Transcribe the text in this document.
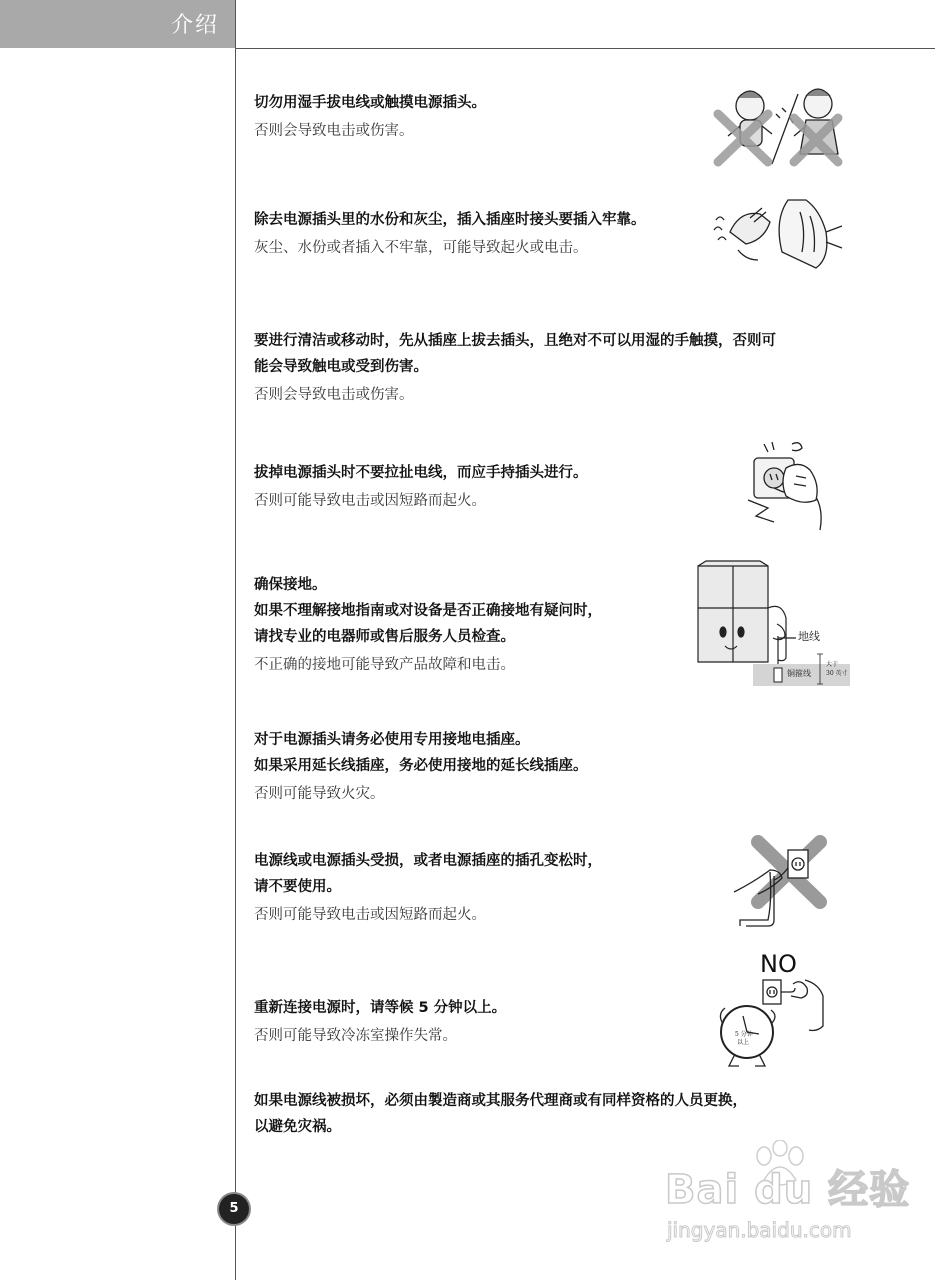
介绍
切勿用湿手拔电线或触摸电源插头。
否则会导致电击或伤害。
除去电源插头里的水份和灰尘，插入插座时接头要插入牢靠。
灰尘、水份或者插入不牢靠，可能导致起火或电击。
要进行清洁或移动时，先从插座上拔去插头，且绝对不可以用湿的手触摸，否则可
能会导致触电或受到伤害。
否则会导致电击或伤害。
拔掉电源插头时不要拉扯电线，而应手持插头进行。
否则可能导致电击或因短路而起火。
确保接地。
如果不理解接地指南或对设备是否正确接地有疑问时，
请找专业的电器师或售后服务人员检查。
不正确的接地可能导致产品故障和电击。
对于电源插头请务必使用专用接地电插座。
如果采用延长线插座，务必使用接地的延长线插座。
否则可能导致火灾。
电源线或电源插头受损，或者电源插座的插孔变松时，
请不要使用。
否则可能导致电击或因短路而起火。
重新连接电源时，请等候 5 分钟以上。
否则可能导致冷冻室操作失常。
如果电源线被损坏，必须由製造商或其服务代理商或有同样资格的人员更换，
以避免灾祸。
地线
铜箍线
大于
30 英寸
NO
5 分钟
以上
5	Bai du 经验
jingyan.baidu.com
